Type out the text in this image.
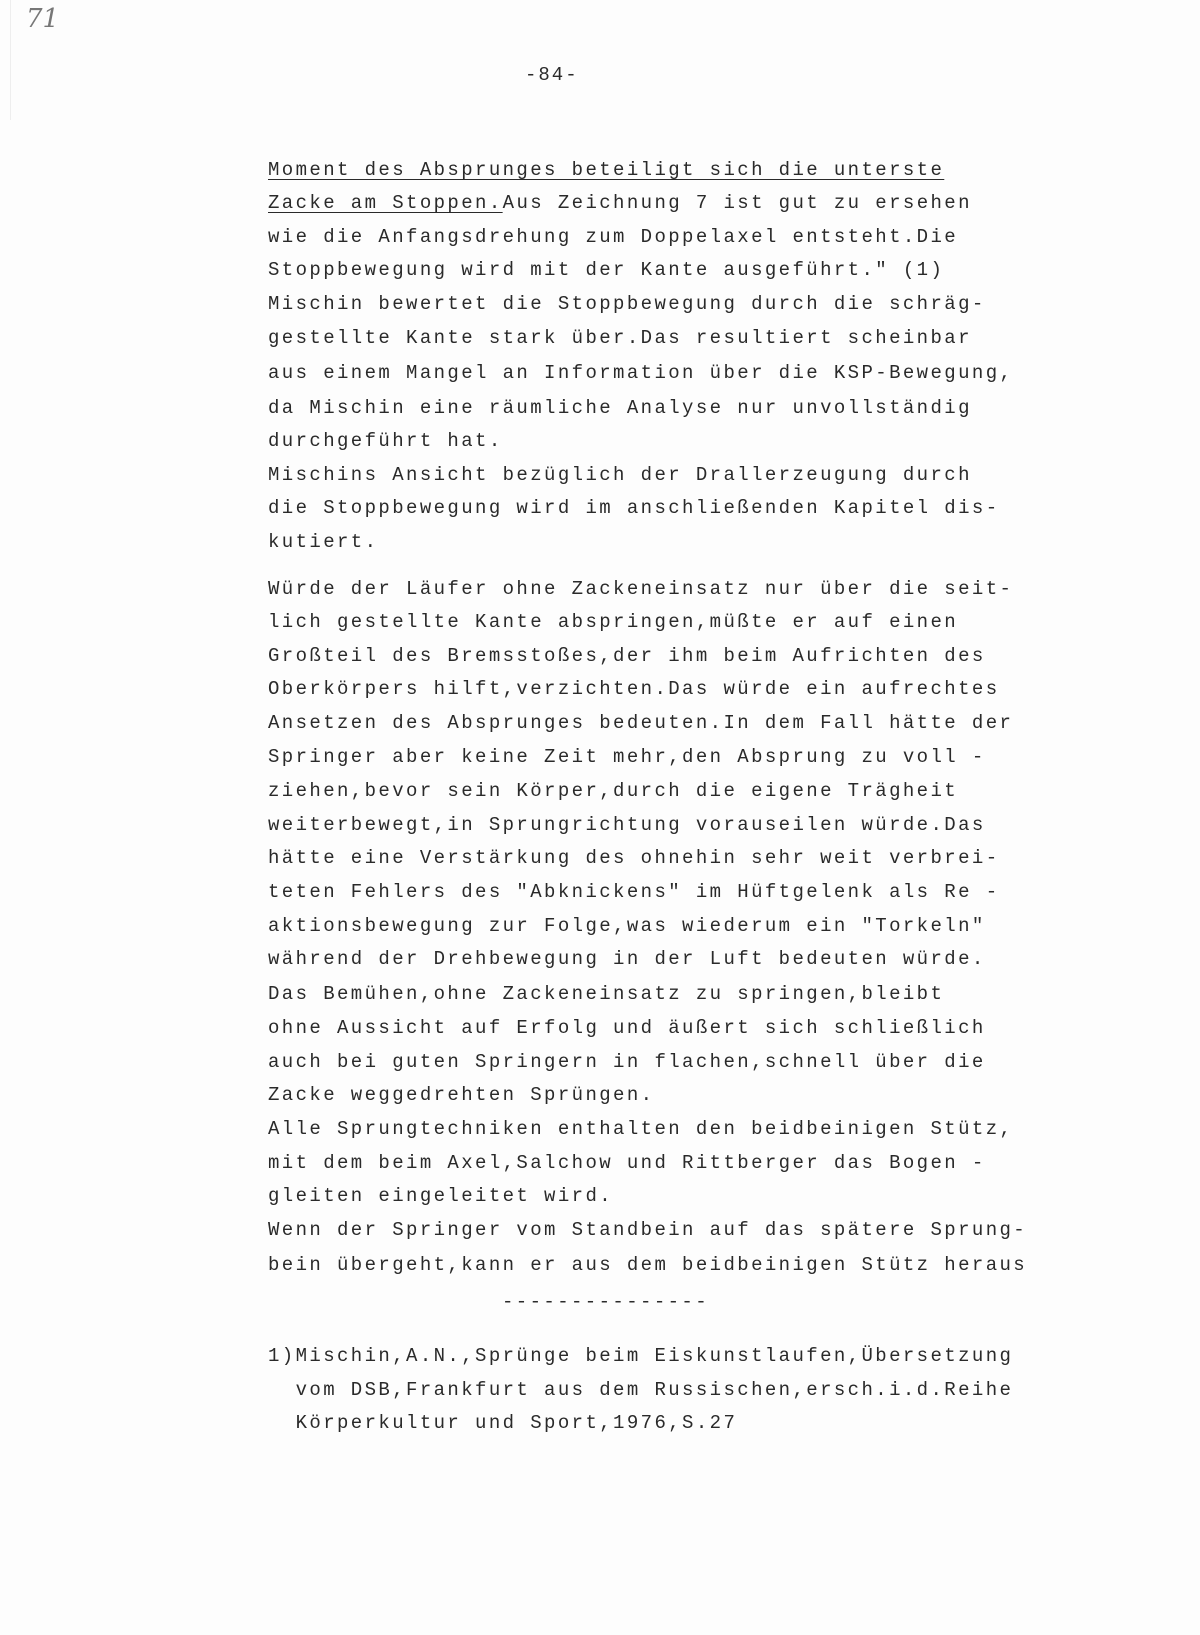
71
-84-
Moment des Absprunges beteiligt sich die unterste
Zacke am Stoppen.Aus Zeichnung 7 ist gut zu ersehen
wie die Anfangsdrehung zum Doppelaxel entsteht.Die
Stoppbewegung wird mit der Kante ausgeführt." (1)
Mischin bewertet die Stoppbewegung durch die schräg-
gestellte Kante stark über.Das resultiert scheinbar
aus einem Mangel an Information über die KSP-Bewegung,
da Mischin eine räumliche Analyse nur unvollständig
durchgeführt hat.
Mischins Ansicht bezüglich der Drallerzeugung durch
die Stoppbewegung wird im anschließenden Kapitel dis-
kutiert.
Würde der Läufer ohne Zackeneinsatz nur über die seit-
lich gestellte Kante abspringen,müßte er auf einen
Großteil des Bremsstoßes,der ihm beim Aufrichten des
Oberkörpers hilft,verzichten.Das würde ein aufrechtes
Ansetzen des Absprunges bedeuten.In dem Fall hätte der
Springer aber keine Zeit mehr,den Absprung zu voll -
ziehen,bevor sein Körper,durch die eigene Trägheit
weiterbewegt,in Sprungrichtung vorauseilen würde.Das
hätte eine Verstärkung des ohnehin sehr weit verbrei-
teten Fehlers des "Abknickens" im Hüftgelenk als Re -
aktionsbewegung zur Folge,was wiederum ein "Torkeln"
während der Drehbewegung in der Luft bedeuten würde.
Das Bemühen,ohne Zackeneinsatz zu springen,bleibt
ohne Aussicht auf Erfolg und äußert sich schließlich
auch bei guten Springern in flachen,schnell über die
Zacke weggedrehten Sprüngen.
Alle Sprungtechniken enthalten den beidbeinigen Stütz,
mit dem beim Axel,Salchow und Rittberger das Bogen -
gleiten eingeleitet wird.
Wenn der Springer vom Standbein auf das spätere Sprung-
bein übergeht,kann er aus dem beidbeinigen Stütz heraus
---------------
1)Mischin,A.N.,Sprünge beim Eiskunstlaufen,Übersetzung
vom DSB,Frankfurt aus dem Russischen,ersch.i.d.Reihe
Körperkultur und Sport,1976,S.27
